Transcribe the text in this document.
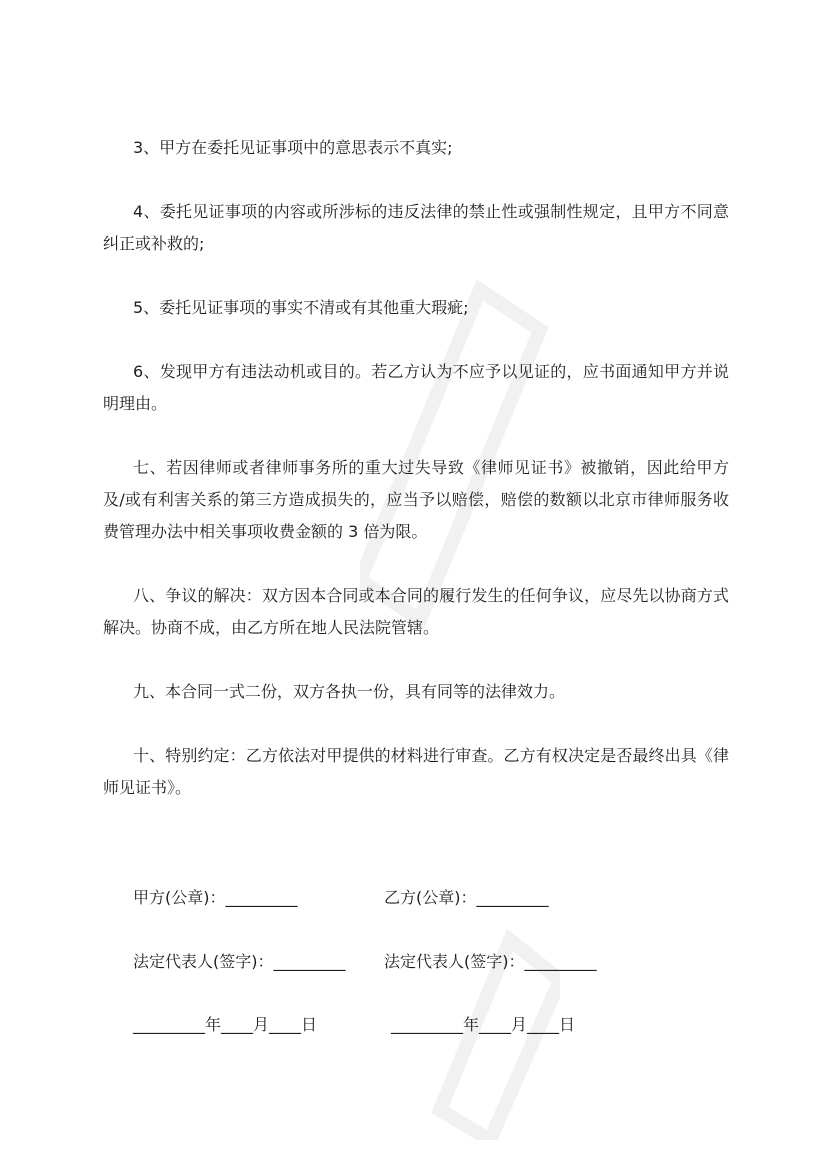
3、甲方在委托见证事项中的意思表示不真实;

4、委托见证事项的内容或所涉标的违反法律的禁止性或强制性规定，且甲方不同意纠正或补救的;

5、委托见证事项的事实不清或有其他重大瑕疵;

6、发现甲方有违法动机或目的。若乙方认为不应予以见证的，应书面通知甲方并说明理由。

七、若因律师或者律师事务所的重大过失导致《律师见证书》被撤销，因此给甲方及/或有利害关系的第三方造成损失的，应当予以赔偿，赔偿的数额以北京市律师服务收费管理办法中相关事项收费金额的 3 倍为限。

八、争议的解决：双方因本合同或本合同的履行发生的任何争议，应尽先以协商方式解决。协商不成，由乙方所在地人民法院管辖。

九、本合同一式二份，双方各执一份，具有同等的法律效力。

十、特别约定：乙方依法对甲提供的材料进行审查。乙方有权决定是否最终出具《律师见证书》。

甲方(公章)：_________	乙方(公章)：_________
法定代表人(签字)：_________ 法定代表人(签字)：_________
_________年____月____日	_________年____月____日
